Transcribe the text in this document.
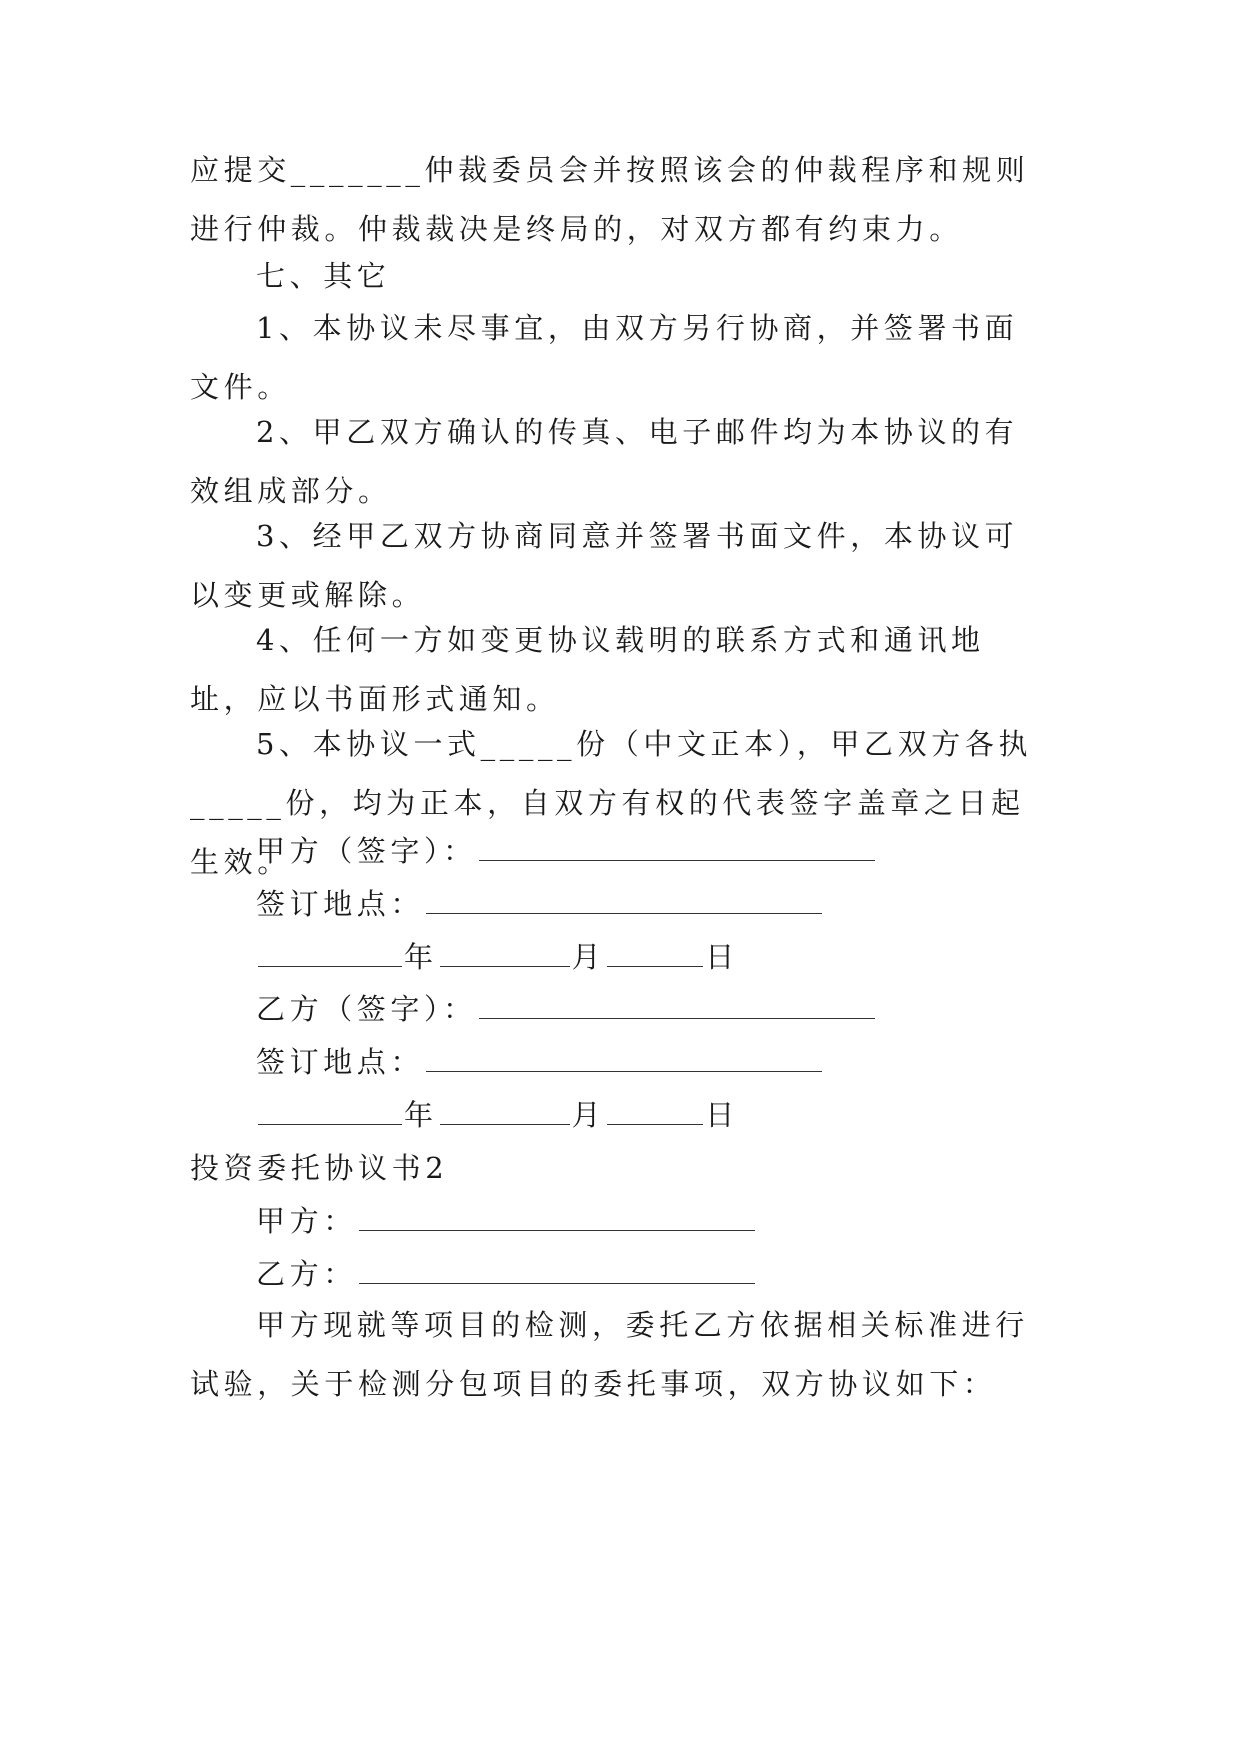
应提交_______仲裁委员会并按照该会的仲裁程序和规则进行仲裁。仲裁裁决是终局的，对双方都有约束力。

七、其它

1、本协议未尽事宜，由双方另行协商，并签署书面文件。

2、甲乙双方确认的传真、电子邮件均为本协议的有效组成部分。

3、经甲乙双方协商同意并签署书面文件，本协议可以变更或解除。

4、任何一方如变更协议载明的联系方式和通讯地址，应以书面形式通知。

5、本协议一式_____份（中文正本），甲乙双方各执_____份，均为正本，自双方有权的代表签字盖章之日起生效。

甲方（签字）：
签订地点：
年	月	日
乙方（签字）：
签订地点：
年	月	日
投资委托协议书2
甲方：
乙方：

甲方现就等项目的检测，委托乙方依据相关标准进行试验，关于检测分包项目的委托事项，双方协议如下：
